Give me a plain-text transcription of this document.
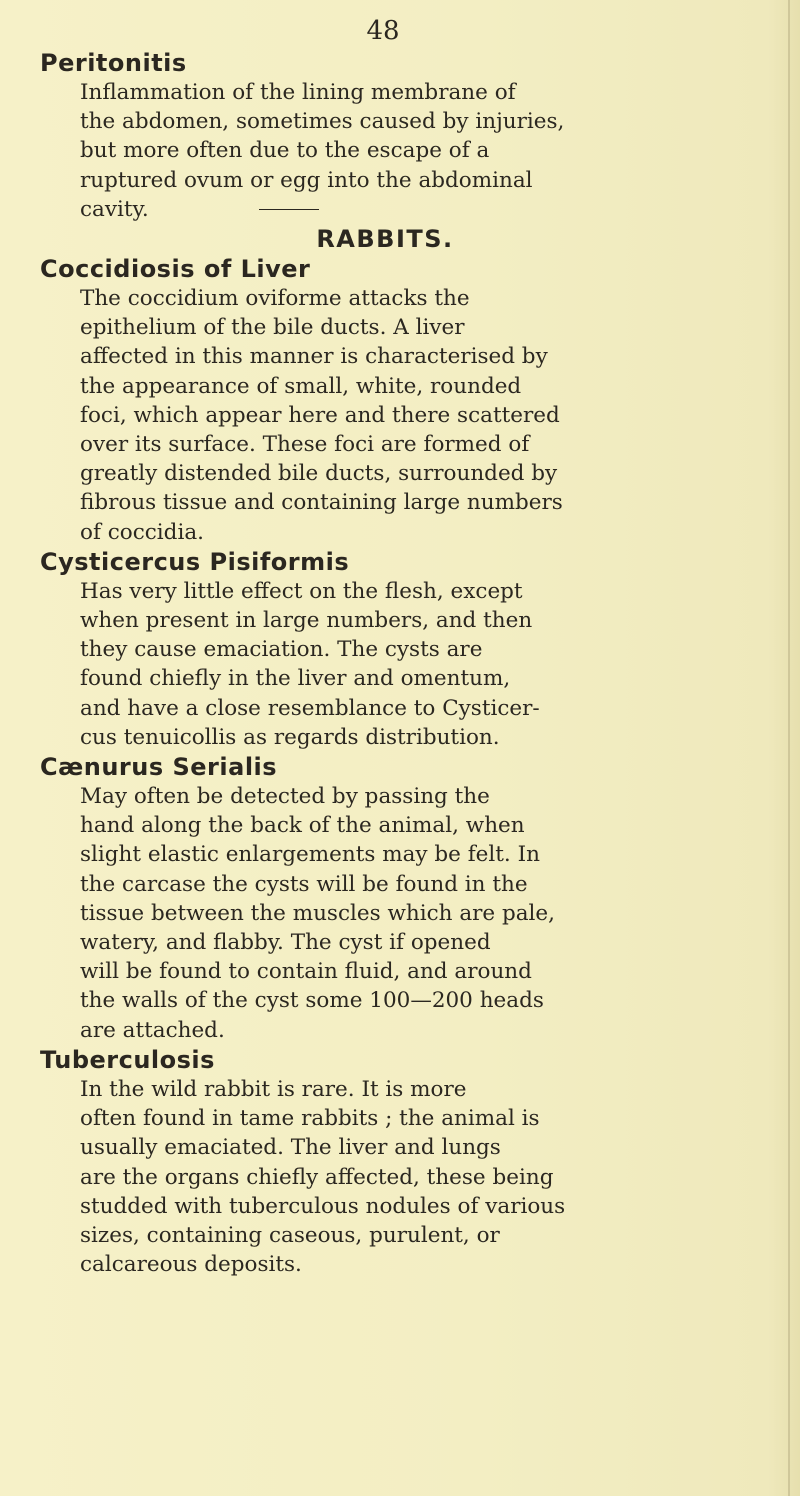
48
Peritonitis
Inflammation of the lining membrane of
the abdomen, sometimes caused by injuries,
but more often due to the escape of a
ruptured ovum or egg into the abdominal
cavity.
RABBITS.
Coccidiosis of Liver
The coccidium oviforme attacks the
epithelium of the bile ducts. A liver
affected in this manner is characterised by
the appearance of small, white, rounded
foci, which appear here and there scattered
over its surface. These foci are formed of
greatly distended bile ducts, surrounded by
fibrous tissue and containing large numbers
of coccidia.
Cysticercus Pisiformis
Has very little effect on the flesh, except
when present in large numbers, and then
they cause emaciation. The cysts are
found chiefly in the liver and omentum,
and have a close resemblance to Cysticer-
cus tenuicollis as regards distribution.
Cænurus Serialis
May often be detected by passing the
hand along the back of the animal, when
slight elastic enlargements may be felt. In
the carcase the cysts will be found in the
tissue between the muscles which are pale,
watery, and flabby. The cyst if opened
will be found to contain fluid, and around
the walls of the cyst some 100—200 heads
are attached.
Tuberculosis
In the wild rabbit is rare. It is more
often found in tame rabbits ; the animal is
usually emaciated. The liver and lungs
are the organs chiefly affected, these being
studded with tuberculous nodules of various
sizes, containing caseous, purulent, or
calcareous deposits.
